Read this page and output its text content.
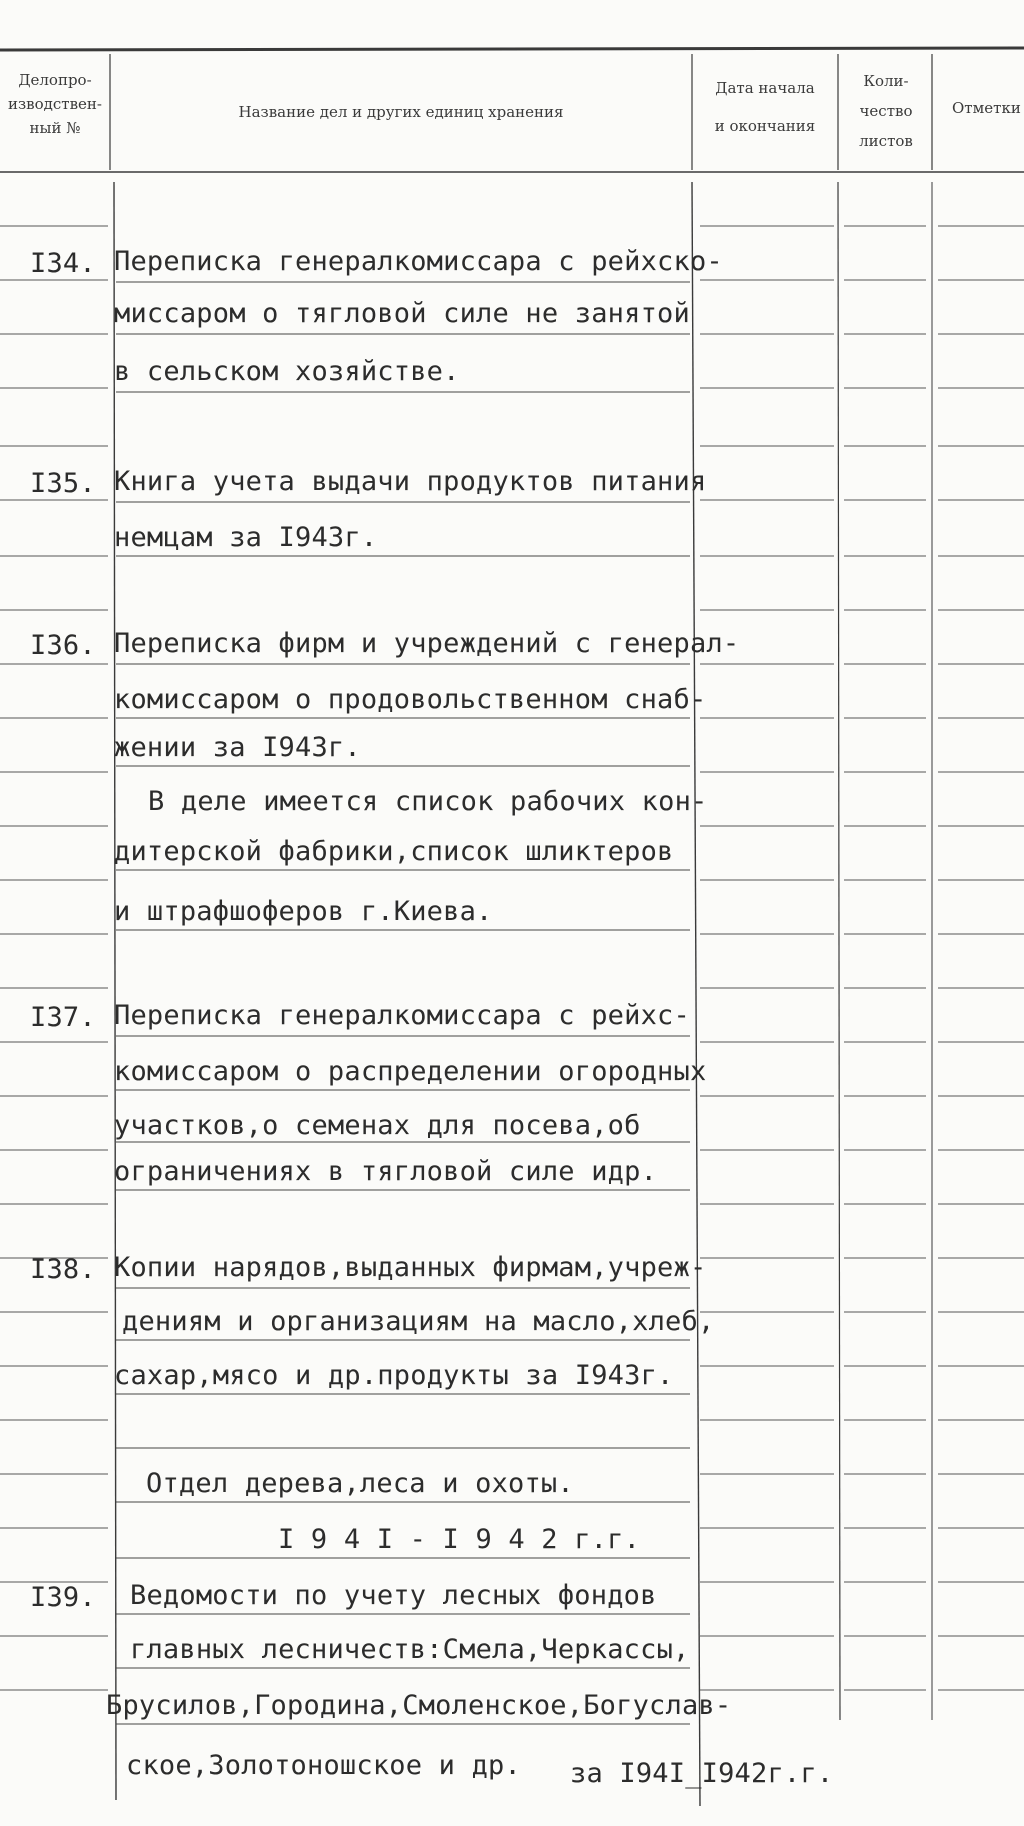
Делопро-
изводствен-
ный №
Название дел и других единиц хранения
Дата начала
и окончания
Коли-
чество
листов
Отметки
I34. Переписка генералкомиссара с рейхско-
миссаром о тягловой силе не занятой
в сельском хозяйстве.
I35. Книга учета выдачи продуктов питания
немцам за I943г.
I36. Переписка фирм и учреждений с генерал-
комиссаром о продовольственном снаб-
жении за I943г.
В деле имеется список рабочих кон-
дитерской фабрики,список шликтеров
и штрафшоферов г.Киева.
I37. Переписка генералкомиссара с рейхс-
комиссаром о распределении огородных
участков,о семенах для посева,об
ограничениях в тягловой силе идр.
I38. Копии нарядов,выданных фирмам,учреж-
дениям и организациям на масло,хлеб,
сахар,мясо и др.продукты за I943г.
Отдел дерева,леса и охоты.
I 9 4 I - I 9 4 2 г.г.
I39. Ведомости по учету лесных фондов
главных лесничеств:Смела,Черкассы,
Брусилов,Городина,Смоленское,Богуслав-
ское,Золотоношское и др. за I94I_I942г.г.
